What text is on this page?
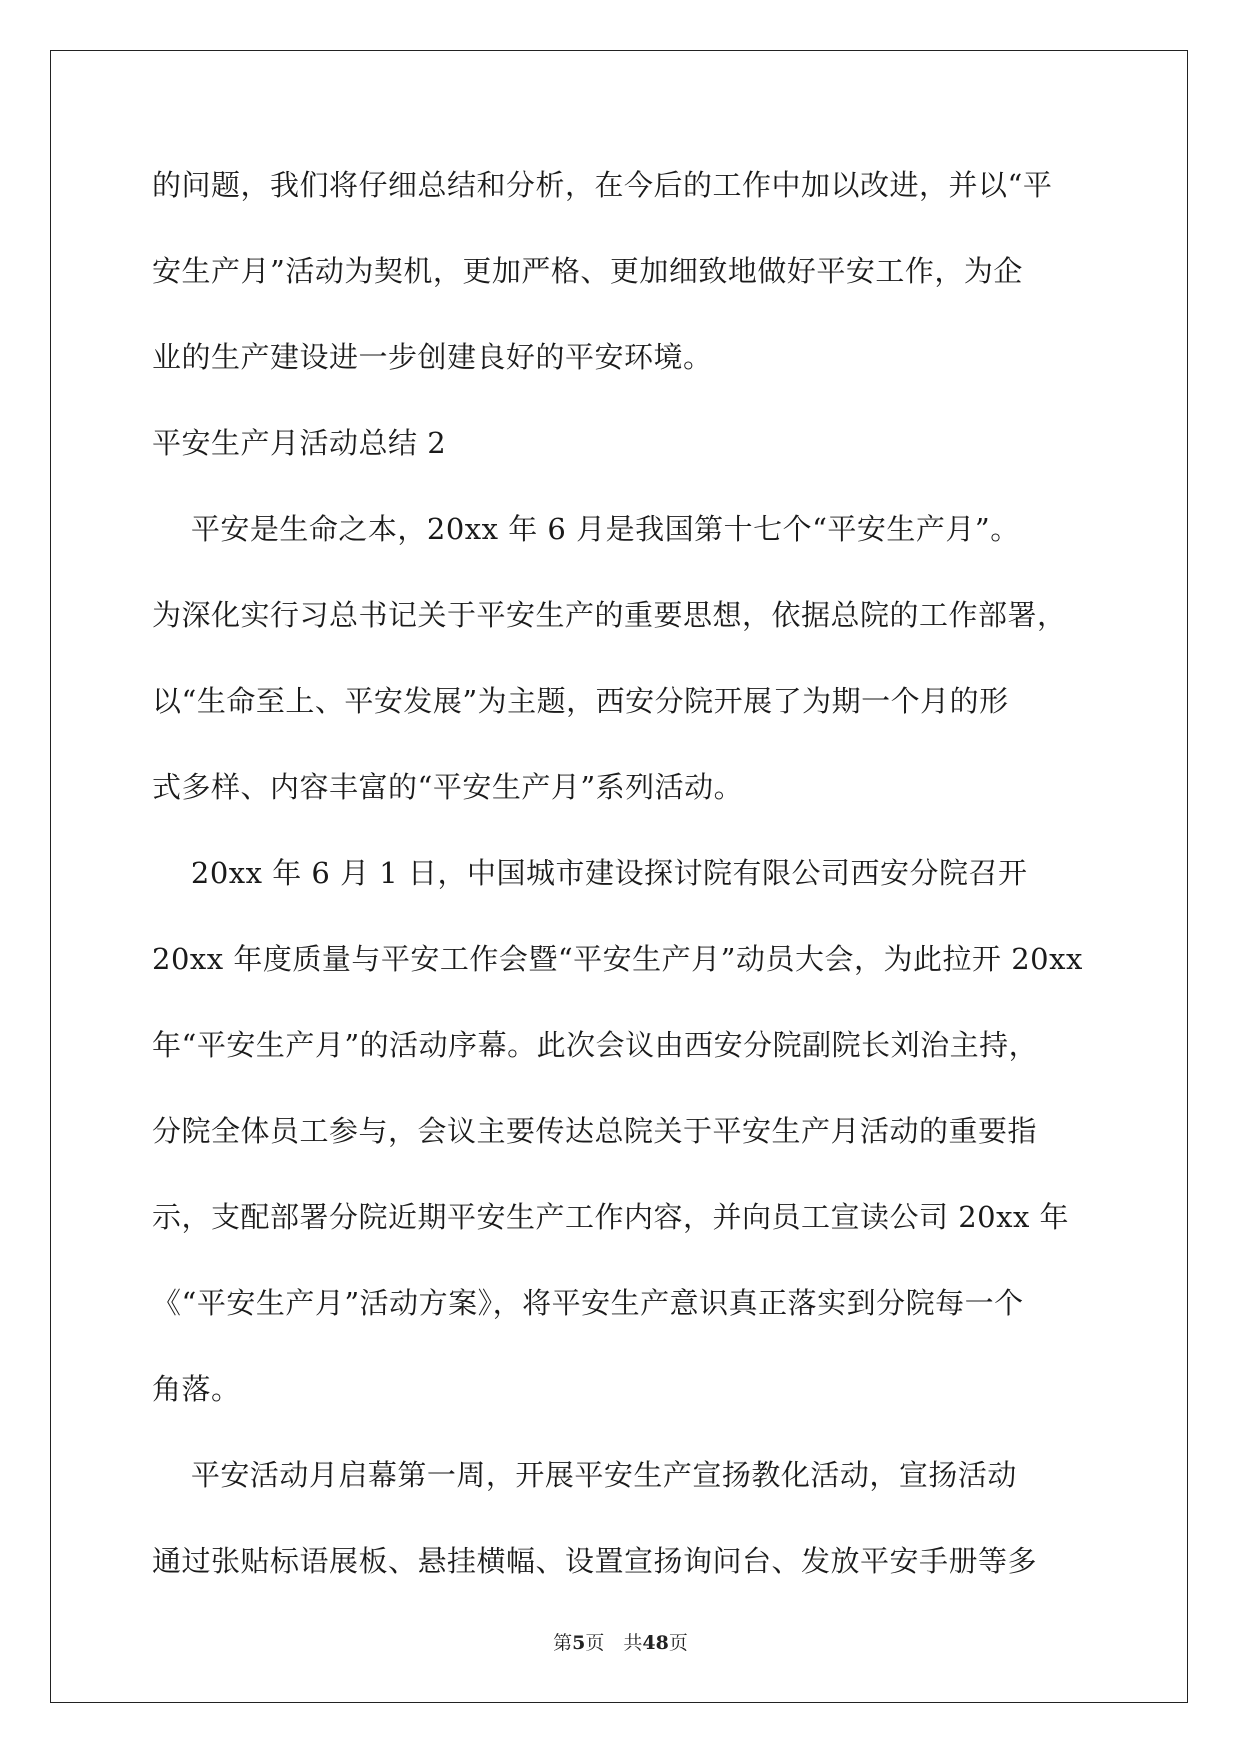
的问题，我们将仔细总结和分析，在今后的工作中加以改进，并以“平
安生产月”活动为契机，更加严格、更加细致地做好平安工作，为企
业的生产建设进一步创建良好的平安环境。
平安生产月活动总结 2
平安是生命之本，20xx 年 6 月是我国第十七个“平安生产月”。
为深化实行习总书记关于平安生产的重要思想，依据总院的工作部署，
以“生命至上、平安发展”为主题，西安分院开展了为期一个月的形
式多样、内容丰富的“平安生产月”系列活动。
20xx 年 6 月 1 日，中国城市建设探讨院有限公司西安分院召开
20xx 年度质量与平安工作会暨“平安生产月”动员大会，为此拉开 20xx
年“平安生产月”的活动序幕。此次会议由西安分院副院长刘治主持，
分院全体员工参与，会议主要传达总院关于平安生产月活动的重要指
示，支配部署分院近期平安生产工作内容，并向员工宣读公司 20xx 年
《“平安生产月”活动方案》，将平安生产意识真正落实到分院每一个
角落。
平安活动月启幕第一周，开展平安生产宣扬教化活动，宣扬活动
通过张贴标语展板、悬挂横幅、设置宣扬询问台、发放平安手册等多
第5页　共48页
